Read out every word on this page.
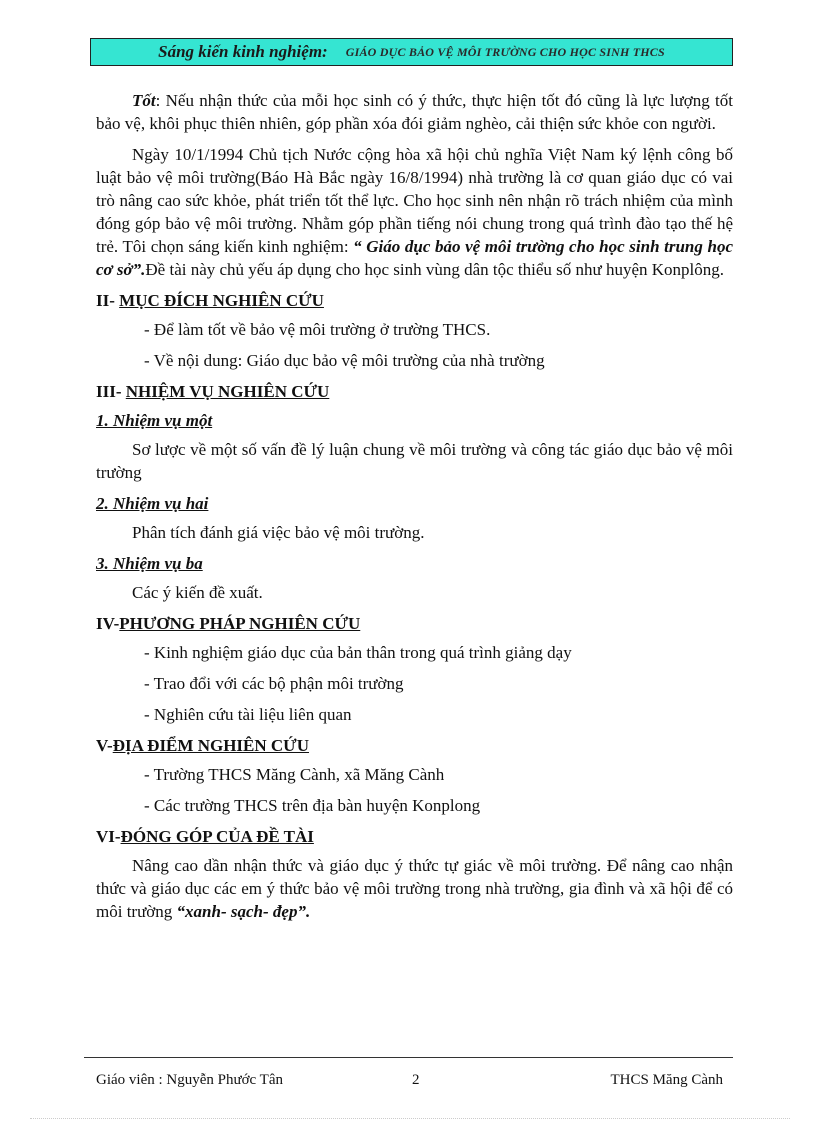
Sáng kiến kinh nghiệm: GIÁO DỤC BẢO VỆ MÔI TRƯỜNG CHO HỌC SINH THCS

Tốt: Nếu nhận thức của mỗi học sinh có ý thức, thực hiện tốt đó cũng là lực lượng tốt bảo vệ, khôi phục thiên nhiên, góp phần xóa đói giảm nghèo, cải thiện sức khỏe con người.

Ngày 10/1/1994 Chủ tịch Nước cộng hòa xã hội chủ nghĩa Việt Nam ký lệnh công bố luật bảo vệ môi trường(Báo Hà Bắc ngày 16/8/1994) nhà trường là cơ quan giáo dục có vai trò nâng cao sức khỏe, phát triển tốt thể lực. Cho học sinh nên nhận rõ trách nhiệm của mình đóng góp bảo vệ môi trường. Nhằm góp phần tiếng nói chung trong quá trình đào tạo thế hệ trẻ. Tôi chọn sáng kiến kinh nghiệm: “ Giáo dục bảo vệ môi trường cho học sinh trung học cơ sở”.Đề tài này chủ yếu áp dụng cho học sinh vùng dân tộc thiểu số như huyện Konplông.

II- MỤC ĐÍCH NGHIÊN CỨU
- Để làm tốt về bảo vệ môi trường ở trường THCS.
- Về nội dung: Giáo dục bảo vệ môi trường của nhà trường
III- NHIỆM VỤ NGHIÊN CỨU
1. Nhiệm vụ một

Sơ lược về một số vấn đề lý luận chung về môi trường và công tác giáo dục bảo vệ môi trường

2. Nhiệm vụ hai

Phân tích đánh giá việc bảo vệ môi trường.

3. Nhiệm vụ ba

Các ý kiến đề xuất.

IV-PHƯƠNG PHÁP NGHIÊN CỨU
- Kinh nghiệm giáo dục của bản thân trong quá trình giảng dạy
- Trao đổi với các bộ phận môi trường
- Nghiên cứu tài liệu liên quan
V-ĐỊA ĐIỂM NGHIÊN CỨU
- Trường THCS Măng Cành, xã Măng Cành
- Các trường THCS trên địa bàn huyện Konplong
VI-ĐÓNG GÓP CỦA ĐỀ TÀI

Nâng cao dần nhận thức và giáo dục ý thức tự giác về môi trường. Để nâng cao nhận thức và giáo dục các em ý thức bảo vệ môi trường trong nhà trường, gia đình và xã hội để có môi trường “xanh- sạch- đẹp”.

Giáo viên : Nguyễn Phước Tân	2	THCS Măng Cành
